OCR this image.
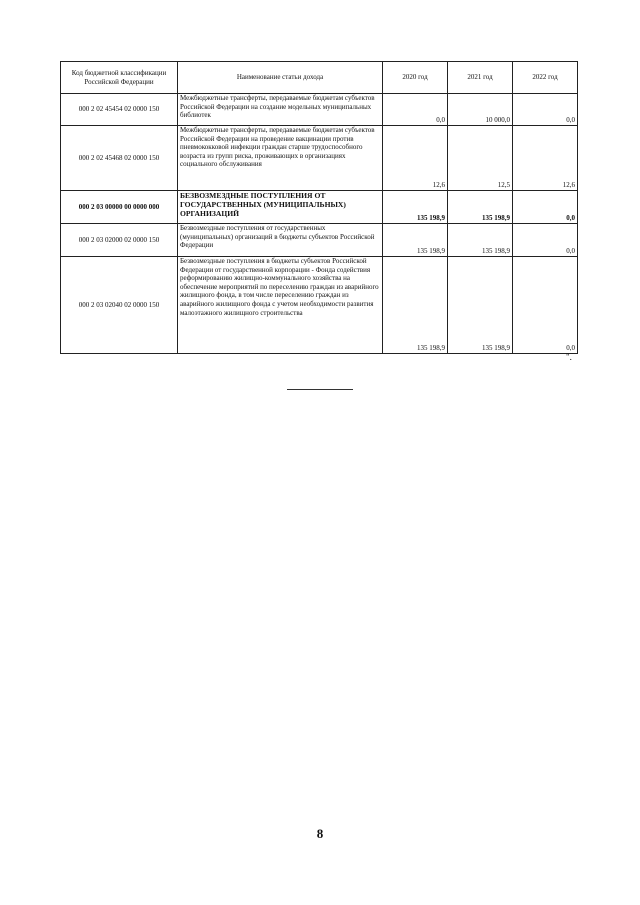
Код бюджетной классификации Российской Федерации	Наименование статьи дохода	2020 год	2021 год	2022 год
000 2 02 45454 02 0000 150	Межбюджетные трансферты, передаваемые бюджетам субъектов Российской Федерации на создание модельных муниципальных библиотек	0,0	10 000,0	0,0
000 2 02 45468 02 0000 150	Межбюджетные трансферты, передаваемые бюджетам субъектов Российской Федерации на проведение вакцинации против пневмококковой инфекции граждан старше трудоспособного возраста из групп риска, проживающих в организациях социального обслуживания	12,6	12,5	12,6
000 2 03 00000 00 0000 000	БЕЗВОЗМЕЗДНЫЕ ПОСТУПЛЕНИЯ ОТ ГОСУДАРСТВЕННЫХ (МУНИЦИПАЛЬНЫХ) ОРГАНИЗАЦИЙ	135 198,9	135 198,9	0,0
000 2 03 02000 02 0000 150	Безвозмездные поступления от государственных (муниципальных) организаций в бюджеты субъектов Российской Федерации	135 198,9	135 198,9	0,0
000 2 03 02040 02 0000 150	Безвозмездные поступления в бюджеты субъектов Российской Федерации от государственной корпорации - Фонда содействия реформированию жилищно-коммунального хозяйства на обеспечение мероприятий по переселению граждан из аварийного жилищного фонда, в том числе переселению граждан из аварийного жилищного фонда с учетом необходимости развития малоэтажного жилищного строительства	135 198,9	135 198,9	0,0
".
8
